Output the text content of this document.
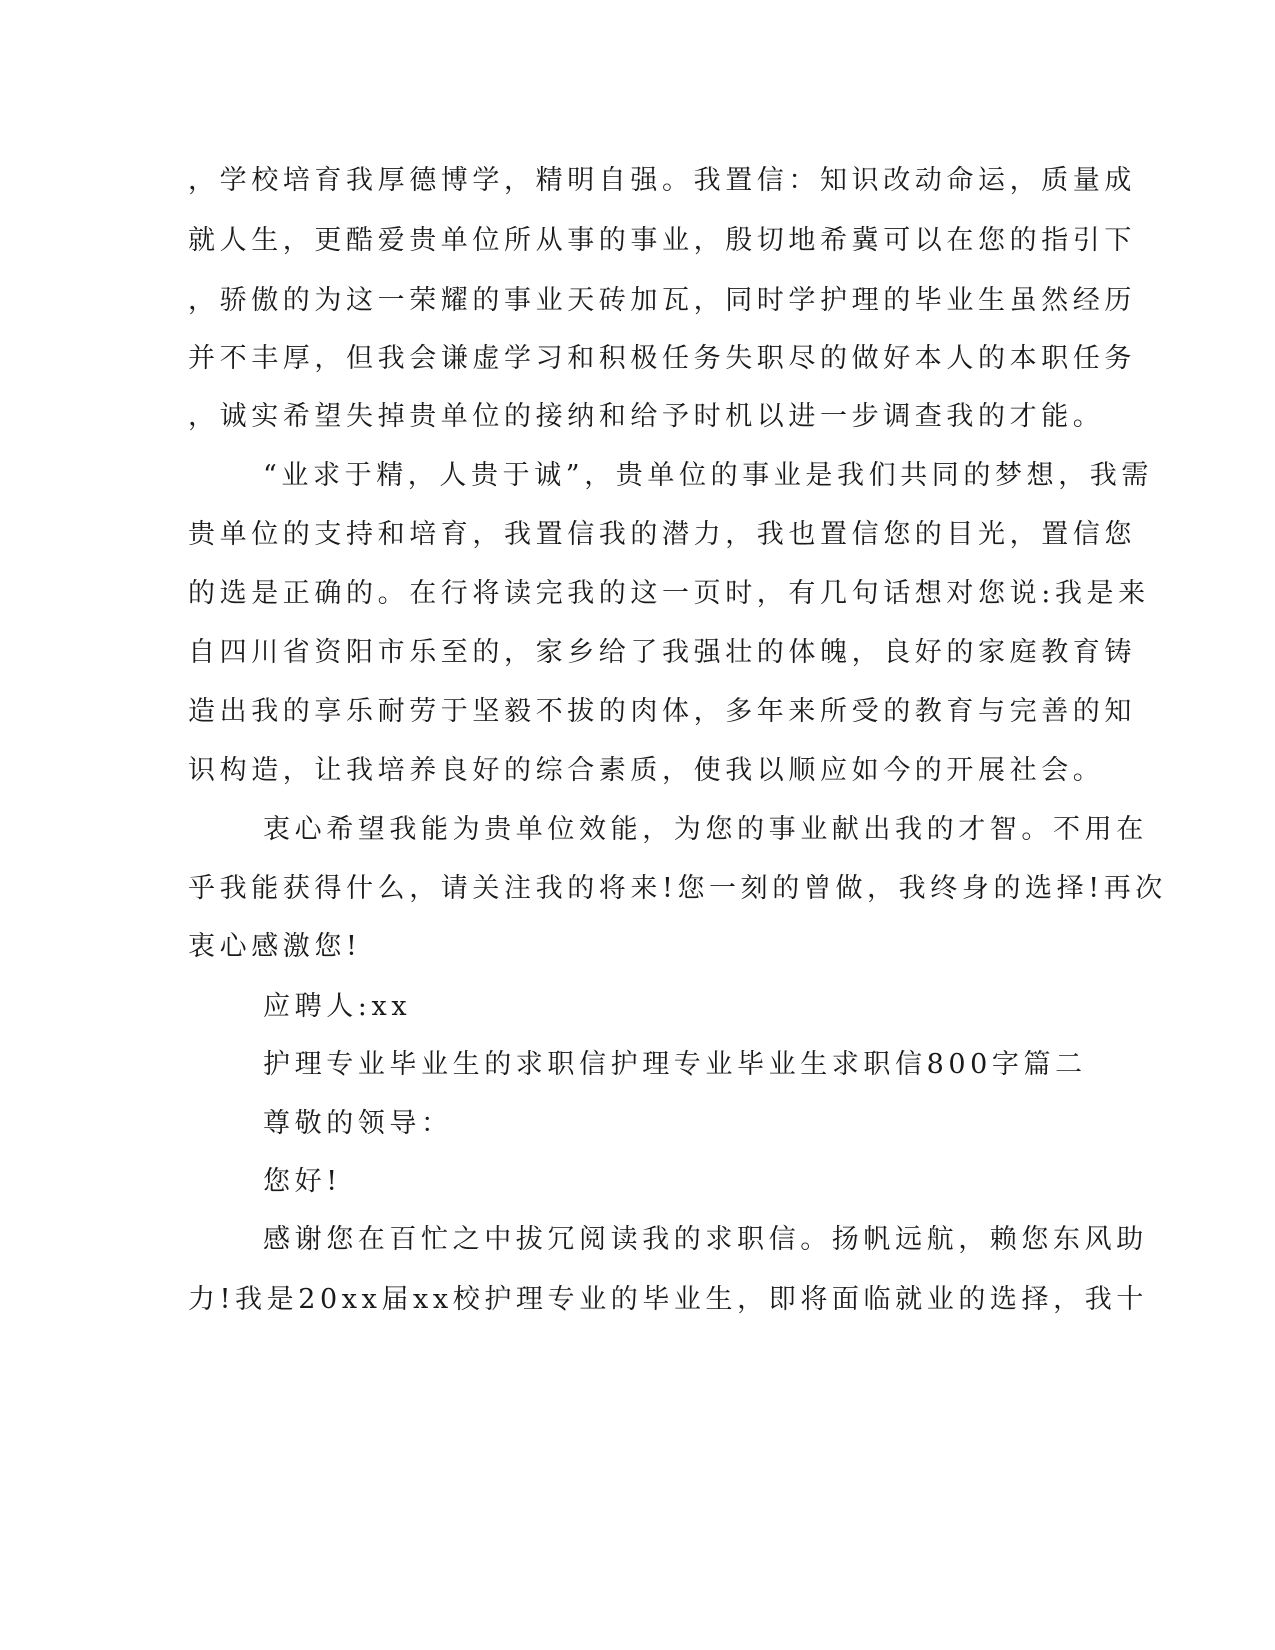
，学校培育我厚德博学，精明自强。我置信：知识改动命运，质量成
就人生，更酷爱贵单位所从事的事业，殷切地希冀可以在您的指引下
，骄傲的为这一荣耀的事业天砖加瓦，同时学护理的毕业生虽然经历
并不丰厚，但我会谦虚学习和积极任务失职尽的做好本人的本职任务
，诚实希望失掉贵单位的接纳和给予时机以进一步调查我的才能。
“业求于精，人贵于诚”，贵单位的事业是我们共同的梦想，我需
贵单位的支持和培育，我置信我的潜力，我也置信您的目光，置信您
的选是正确的。在行将读完我的这一页时，有几句话想对您说:我是来
自四川省资阳市乐至的，家乡给了我强壮的体魄，良好的家庭教育铸
造出我的享乐耐劳于坚毅不拔的肉体，多年来所受的教育与完善的知
识构造，让我培养良好的综合素质，使我以顺应如今的开展社会。
衷心希望我能为贵单位效能，为您的事业献出我的才智。不用在
乎我能获得什么，请关注我的将来!您一刻的曾做，我终身的选择!再次
衷心感激您!
应聘人:xx
护理专业毕业生的求职信护理专业毕业生求职信800字篇二
尊敬的领导：
您好!
感谢您在百忙之中拔冗阅读我的求职信。扬帆远航，赖您东风助
力!我是20xx届xx校护理专业的毕业生，即将面临就业的选择，我十
